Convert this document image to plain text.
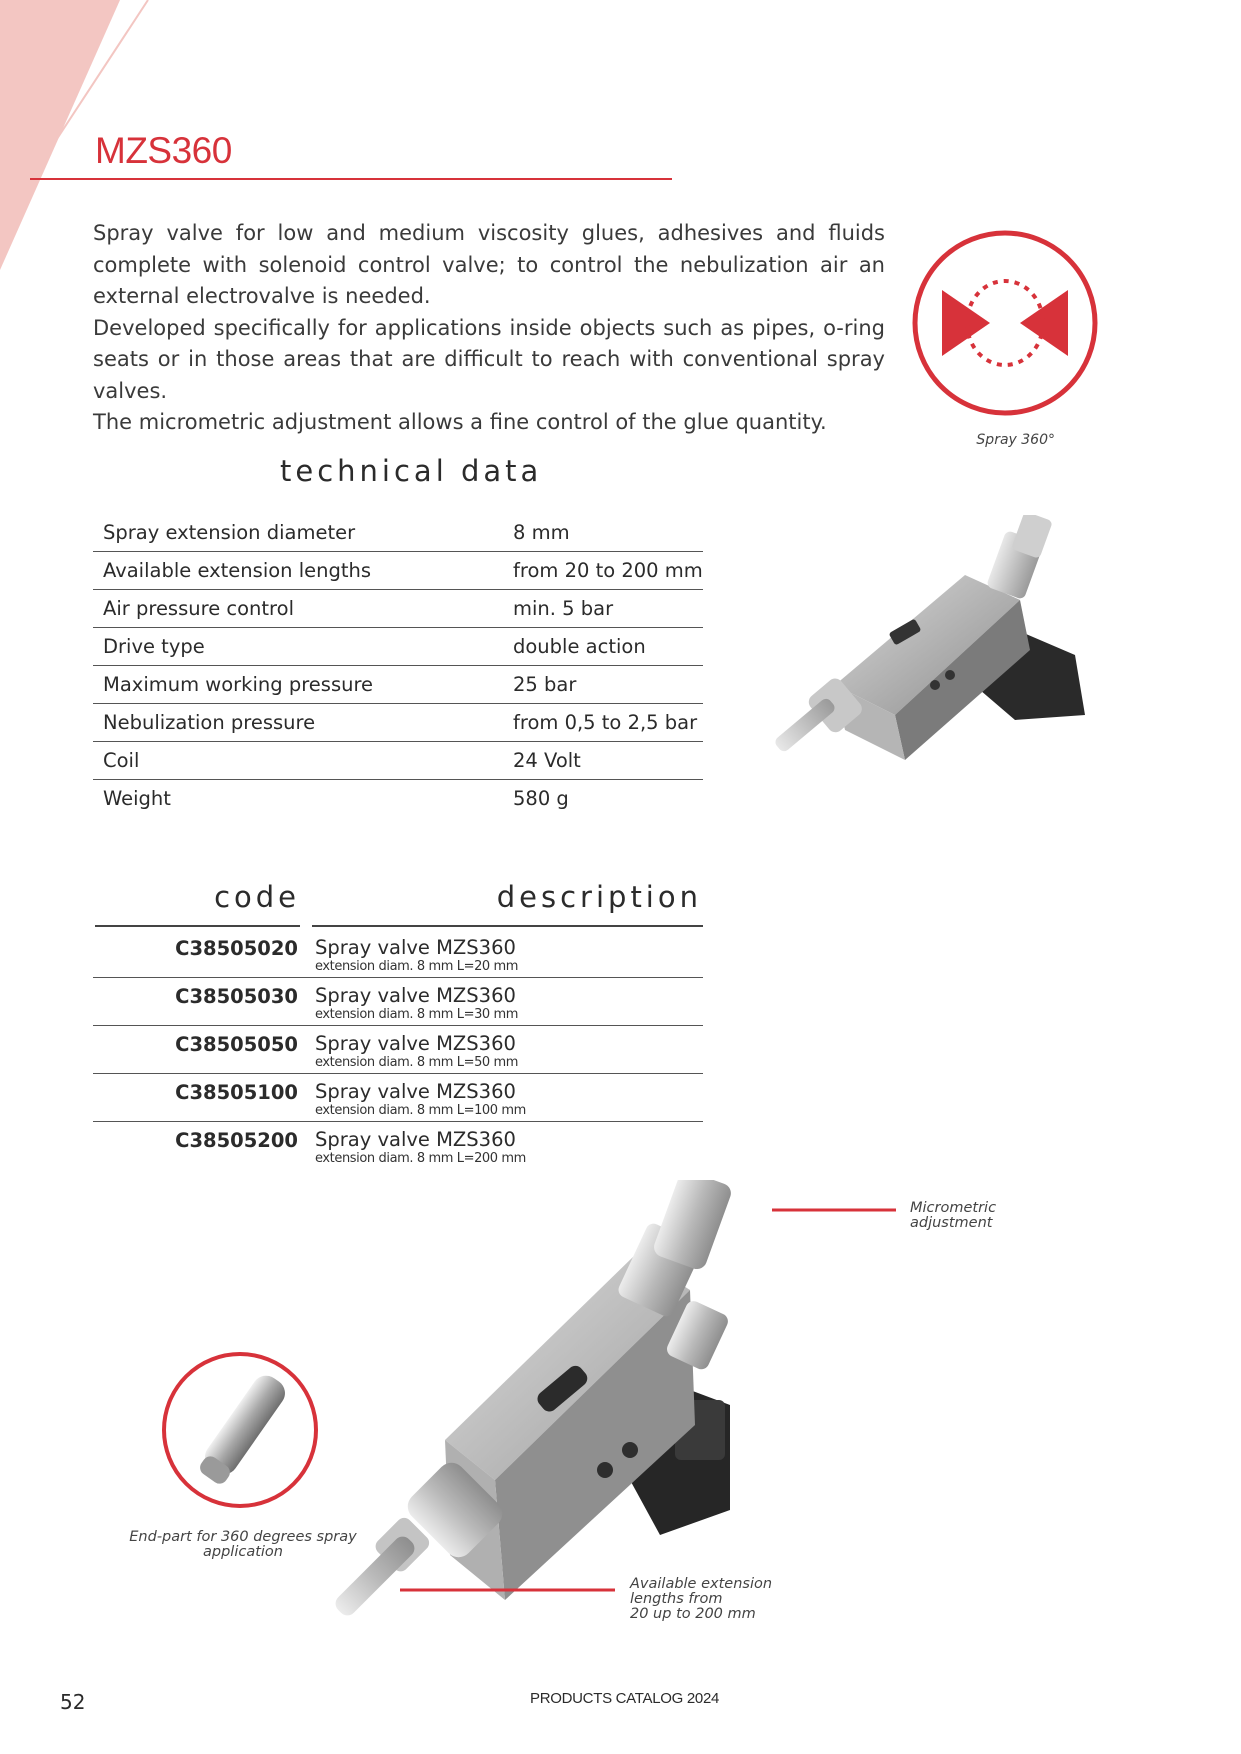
MZS360

Spray valve for low and medium viscosity glues, adhesives and fluids complete with solenoid control valve; to control the nebulization air an external electrovalve is needed.

Developed specifically for applications inside objects such as pipes, o-ring seats or in those areas that are difficult to reach with conventional spray valves.

The micrometric adjustment allows a fine control of the glue quantity.

Spray 360°
technical data
Spray extension diameter	8 mm
Available extension lengths	from 20 to 200 mm
Air pressure control	min. 5 bar
Drive type	double action
Maximum working pressure	25 bar
Nebulization pressure	from 0,5 to 2,5 bar
Coil	24 Volt
Weight	580 g
code	description
C38505020 Spray valve MZS360
extension diam. 8 mm L=20 mm
C38505030 Spray valve MZS360
extension diam. 8 mm L=30 mm
C38505050 Spray valve MZS360
extension diam. 8 mm L=50 mm
C38505100 Spray valve MZS360
extension diam. 8 mm L=100 mm
C38505200 Spray valve MZS360
extension diam. 8 mm L=200 mm
Micrometric
adjustment
Available extension
lengths from
20 up to 200 mm
End-part for 360 degrees spray
application
52	PRODUCTS CATALOG 2024
